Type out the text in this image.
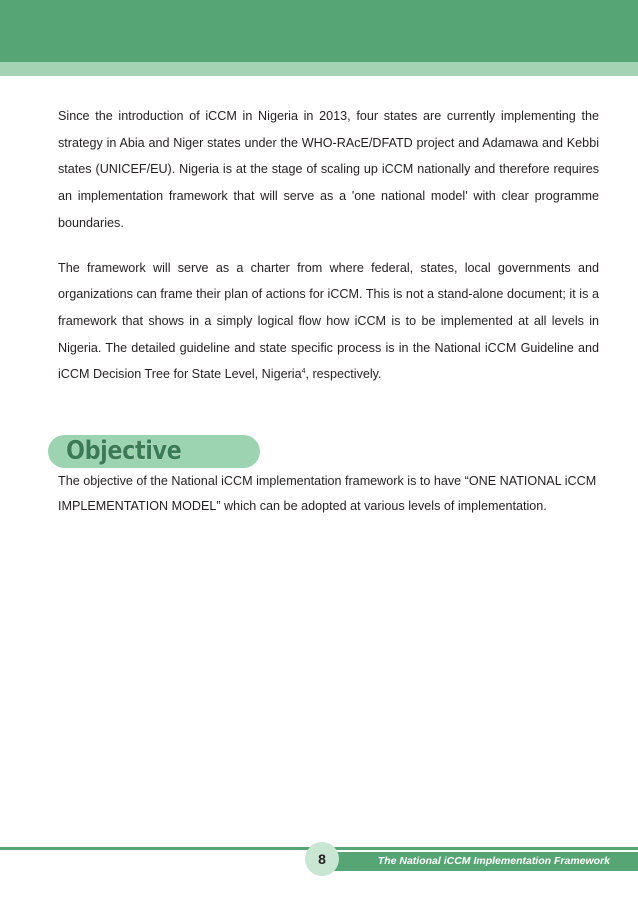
Since the introduction of iCCM in Nigeria in 2013, four states are currently implementing the strategy in Abia and Niger states under the WHO-RAcE/DFATD project and Adamawa and Kebbi states (UNICEF/EU). Nigeria is at the stage of scaling up iCCM nationally and therefore requires an implementation framework that will serve as a 'one national model' with clear programme boundaries.

The framework will serve as a charter from where federal, states, local governments and organizations can frame their plan of actions for iCCM. This is not a stand-alone document; it is a framework that shows in a simply logical flow how iCCM is to be implemented at all levels in Nigeria. The detailed guideline and state specific process is in the National iCCM Guideline and iCCM Decision Tree for State Level, Nigeria$^4$, respectively.

Objective

The objective of the National iCCM implementation framework is to have “ONE NATIONAL iCCM IMPLEMENTATION MODEL” which can be adopted at various levels of implementation.

The National iCCM Implementation Framework
8
